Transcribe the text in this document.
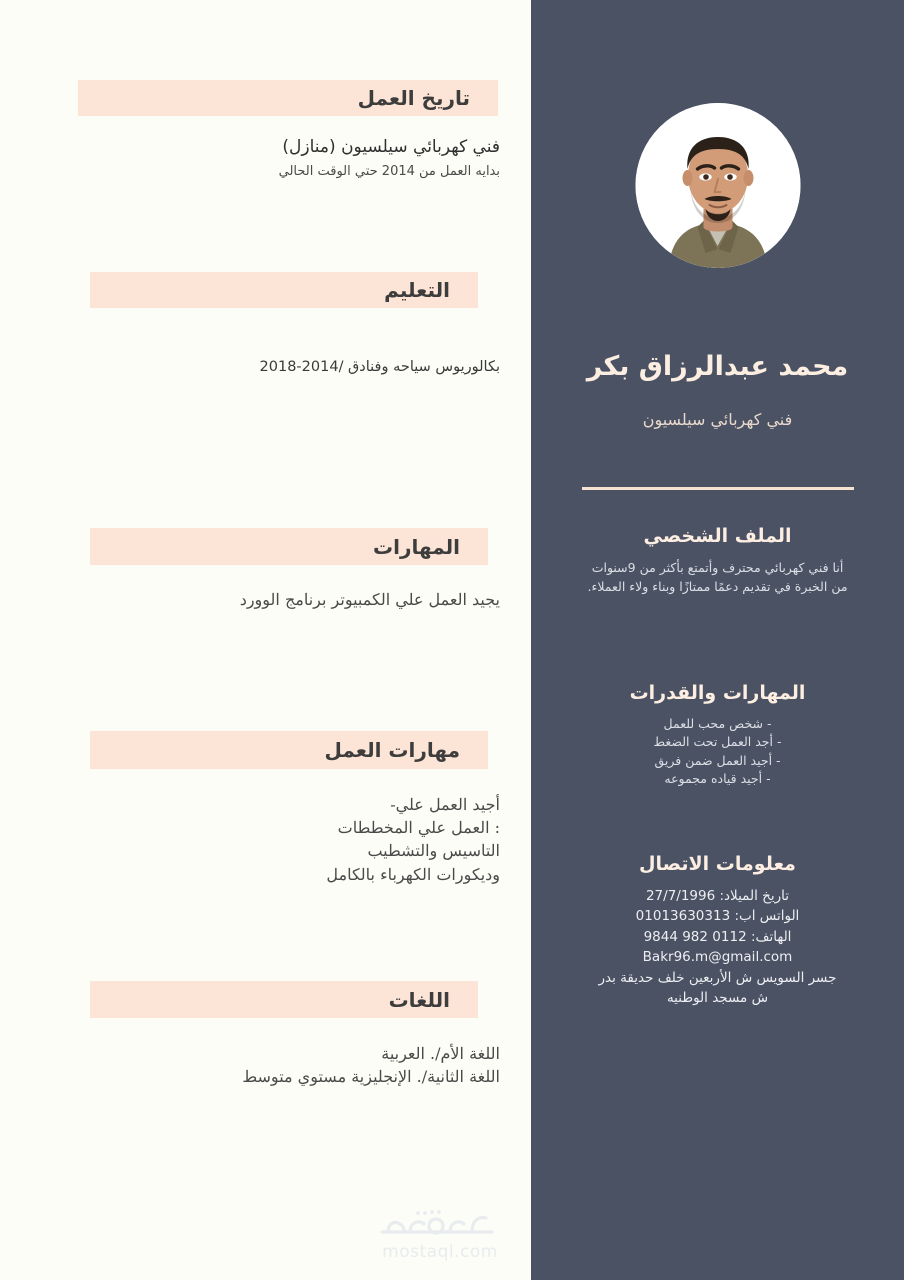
تاريخ العمل

فني كهربائي سيلسيون (منازل)

بدايه العمل من 2014 حتي الوقت الحالي

التعليم

بكالوريوس سياحه وفنادق /2014-2018

المهارات

يجيد العمل علي الكمبيوتر برنامج الوورد

مهارات العمل

أجيد العمل علي-

: العمل علي المخططات

التاسيس والتشطيب

وديكورات الكهرباء بالكامل

اللغات

اللغة الأم/. العربية

اللغة الثانية/. الإنجليزية مستوي متوسط

محمد عبدالرزاق بكر
فني كهربائي سيلسيون
الملف الشخصي

أنا فني كهربائي محترف وأتمتع بأكثر من 9سنوات

من الخبرة في تقديم دعمًا ممتازًا وبناء ولاء العملاء.

المهارات والقدرات
- شخص محب للعمل
- أجد العمل تحت الضغط
- أجيد العمل ضمن فريق
- أجيد قياده مجموعه
معلومات الاتصال
تاريخ الميلاد: 27/7/1996
الواتس اب: 01013630313
الهاتف: 0112 982 9844
Bakr96.m@gmail.com
جسر السويس ش الأربعين خلف حديقة بدر
ش مسجد الوطنيه
mostaql.com
